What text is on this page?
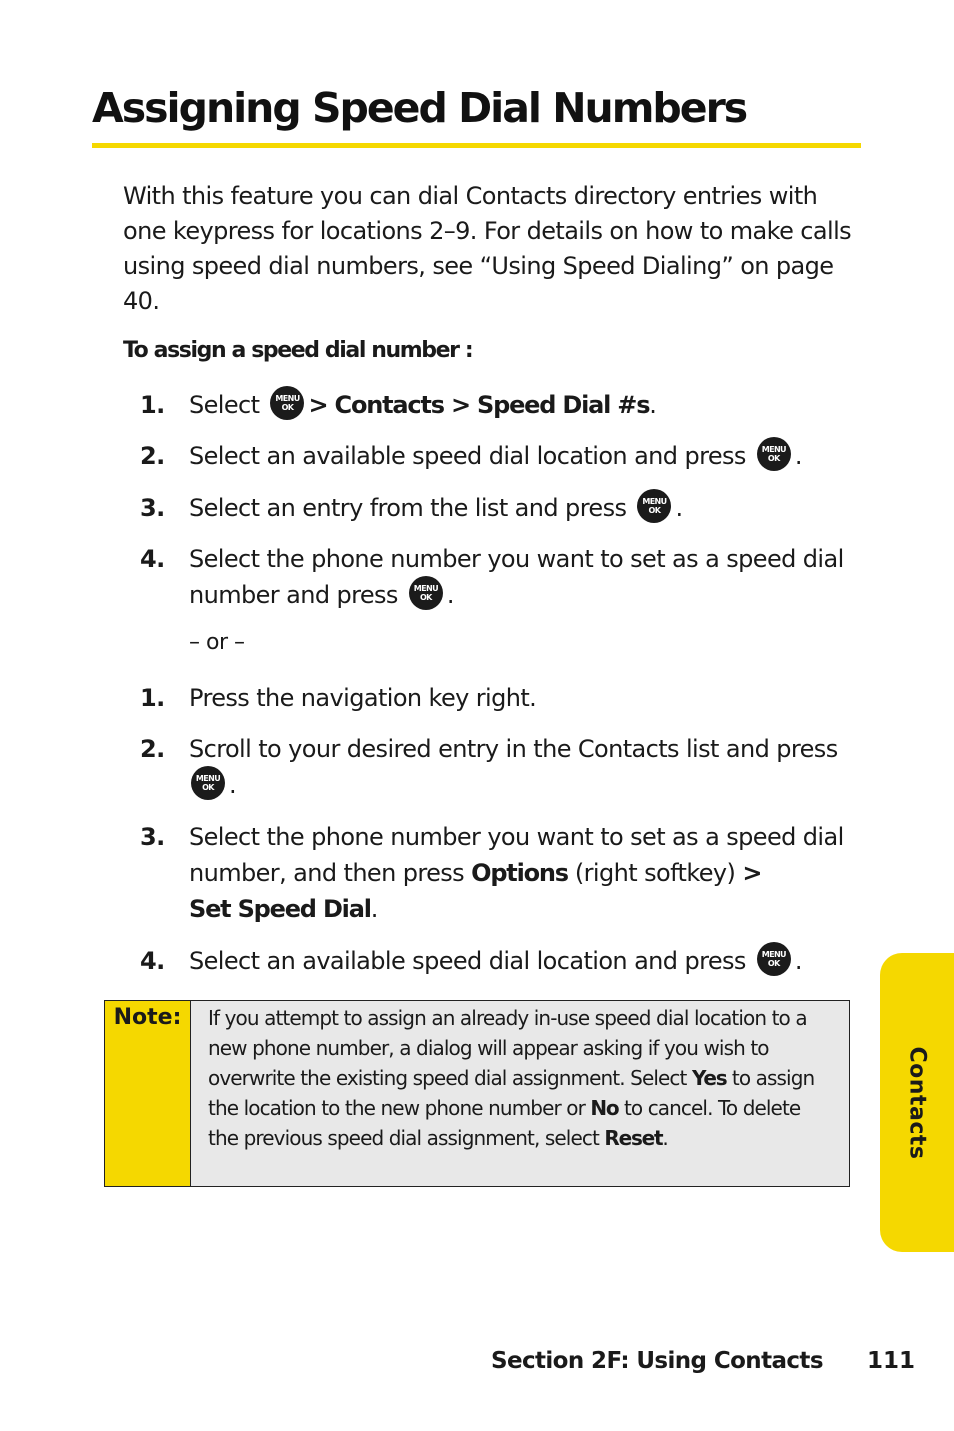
Assigning Speed Dial Numbers

With this feature you can dial Contacts directory entries with one keypress for locations 2–9. For details on how to make calls using speed dial numbers, see “Using Speed Dialing” on page 40.

To assign a speed dial number :

1. Select MENU
OK > Contacts > Speed Dial #s.
2. Select an available speed dial location and press MENU
OK .
3. Select an entry from the list and press MENU
OK .
4. Select the phone number you want to set as a speed dial number and press MENU
OK .
– or –
1. Press the navigation key right.
2. Scroll to your desired entry in the Contacts list and press
MENU
OK .
3. Select the phone number you want to set as a speed dial number, and then press Options (right softkey) >
Set Speed Dial.
4. Select an available speed dial location and press MENU
OK .
Note:	If you attempt to assign an already in-use speed dial location to a new phone number, a dialog will appear asking if you wish to overwrite the existing speed dial assignment. Select Yes to assign the location to the new phone number or No to cancel. To delete the previous speed dial assignment, select Reset.	Contacts
Section 2F: Using Contacts 111
